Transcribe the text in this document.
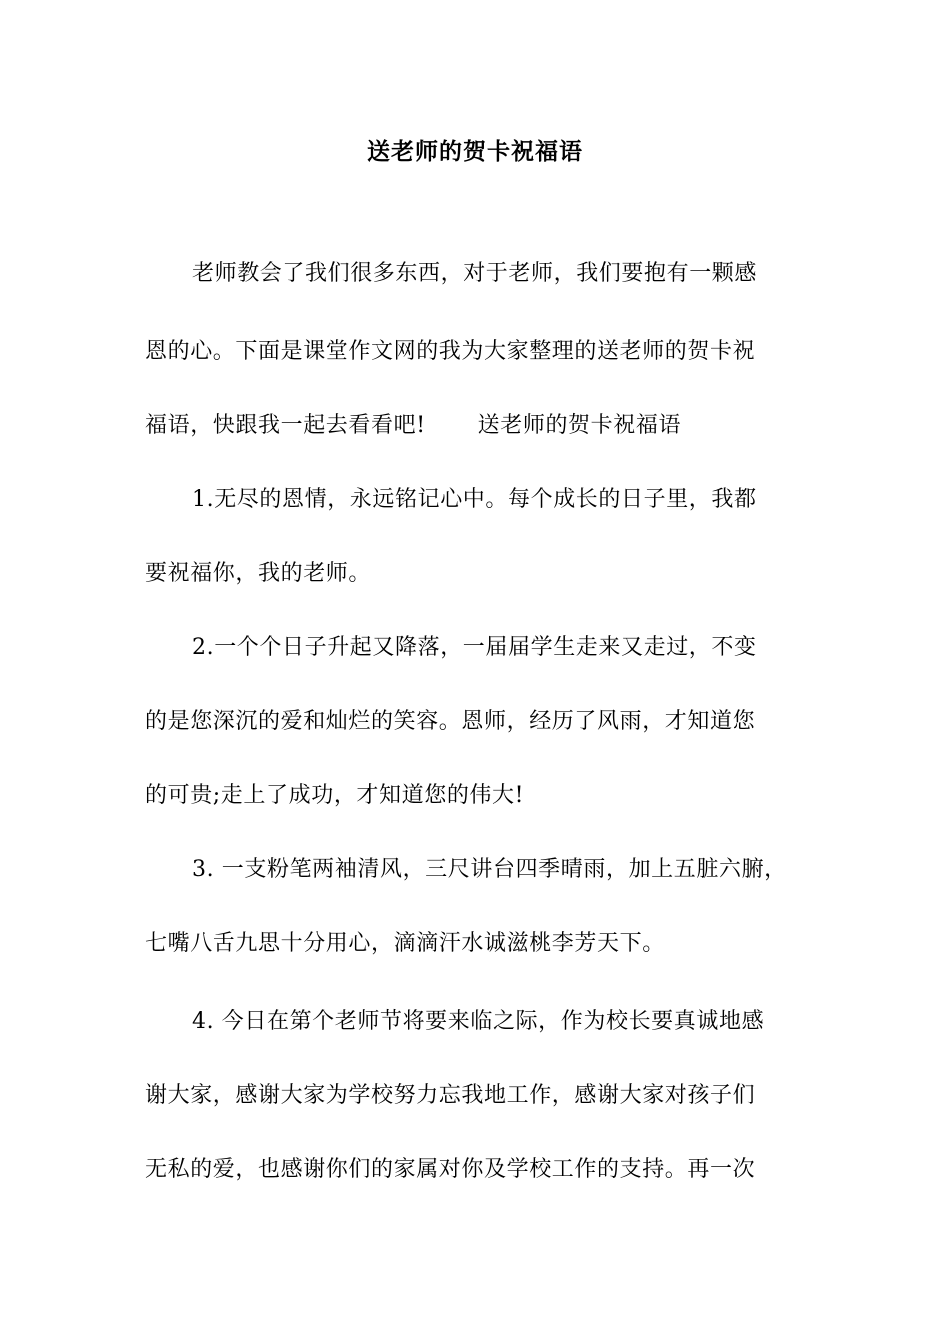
送老师的贺卡祝福语
老师教会了我们很多东西，对于老师，我们要抱有一颗感
恩的心。下面是课堂作文网的我为大家整理的送老师的贺卡祝
福语，快跟我一起去看看吧! 送老师的贺卡祝福语
1.无尽的恩情，永远铭记心中。每个成长的日子里，我都
要祝福你，我的老师。
2.一个个日子升起又降落，一届届学生走来又走过，不变
的是您深沉的爱和灿烂的笑容。恩师，经历了风雨，才知道您
的可贵;走上了成功，才知道您的伟大!
3. 一支粉笔两袖清风，三尺讲台四季晴雨，加上五脏六腑，
七嘴八舌九思十分用心，滴滴汗水诚滋桃李芳天下。
4. 今日在第个老师节将要来临之际，作为校长要真诚地感
谢大家，感谢大家为学校努力忘我地工作，感谢大家对孩子们
无私的爱，也感谢你们的家属对你及学校工作的支持。再一次
